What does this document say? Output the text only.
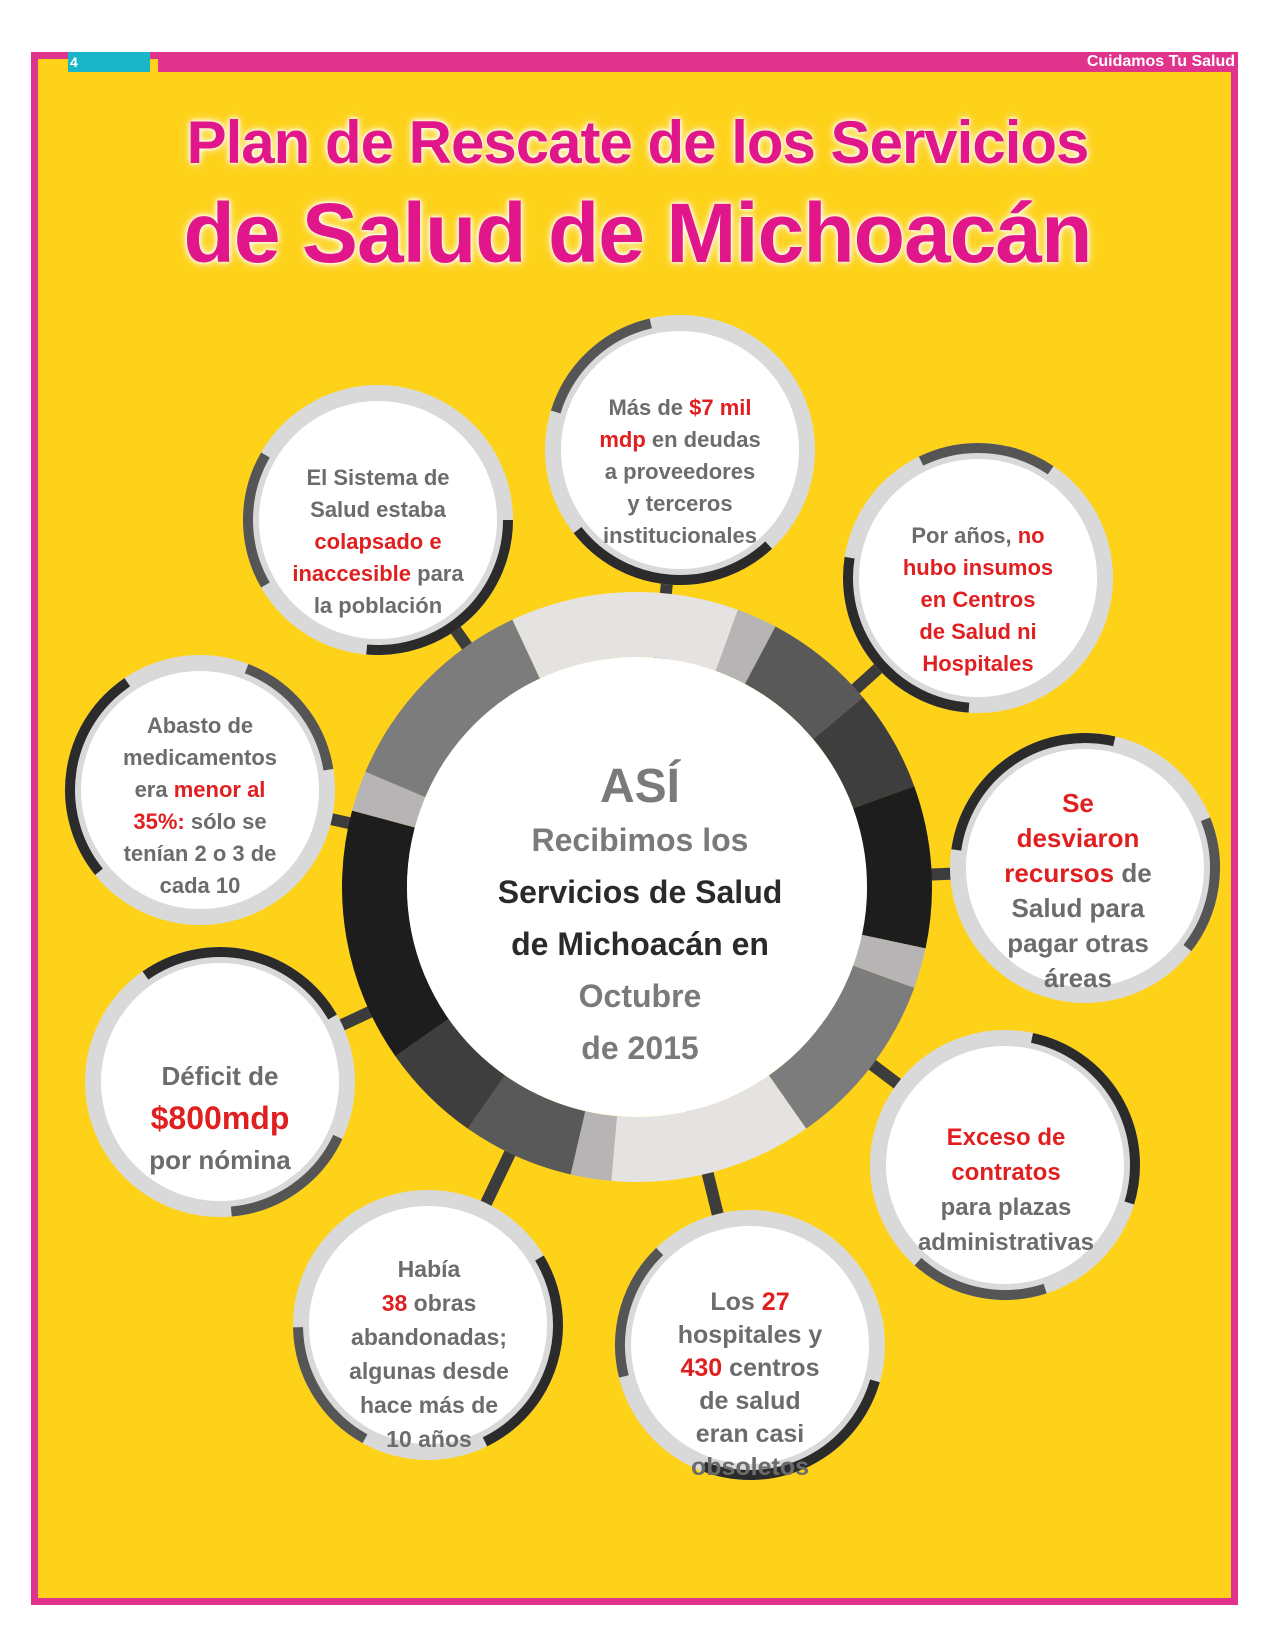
4	Cuidamos Tu Salud
Plan de Rescate de los Servicios
de Salud de Michoacán
ASÍ
Recibimos los
Servicios de Salud
de Michoacán en
Octubre
de 2015
El Sistema de
Salud estaba
colapsado e
inaccesible para
la población
Más de $7 mil
mdp en deudas
a proveedores
y terceros
institucionales	Por años, no
hubo insumos
en Centros
de Salud ni
Hospitales
Abasto de
medicamentos
era menor al
35%: sólo se
tenían 2 o 3 de
cada 10
Se
desviaron
recursos de
Salud para
pagar otras
áreas
Déficit de
$800mdp
por nómina
Exceso de
contratos
para plazas
administrativas
Había
38 obras
abandonadas;
algunas desde
hace más de
10 años
Los 27
hospitales y
430 centros
de salud
eran casi
obsoletos
